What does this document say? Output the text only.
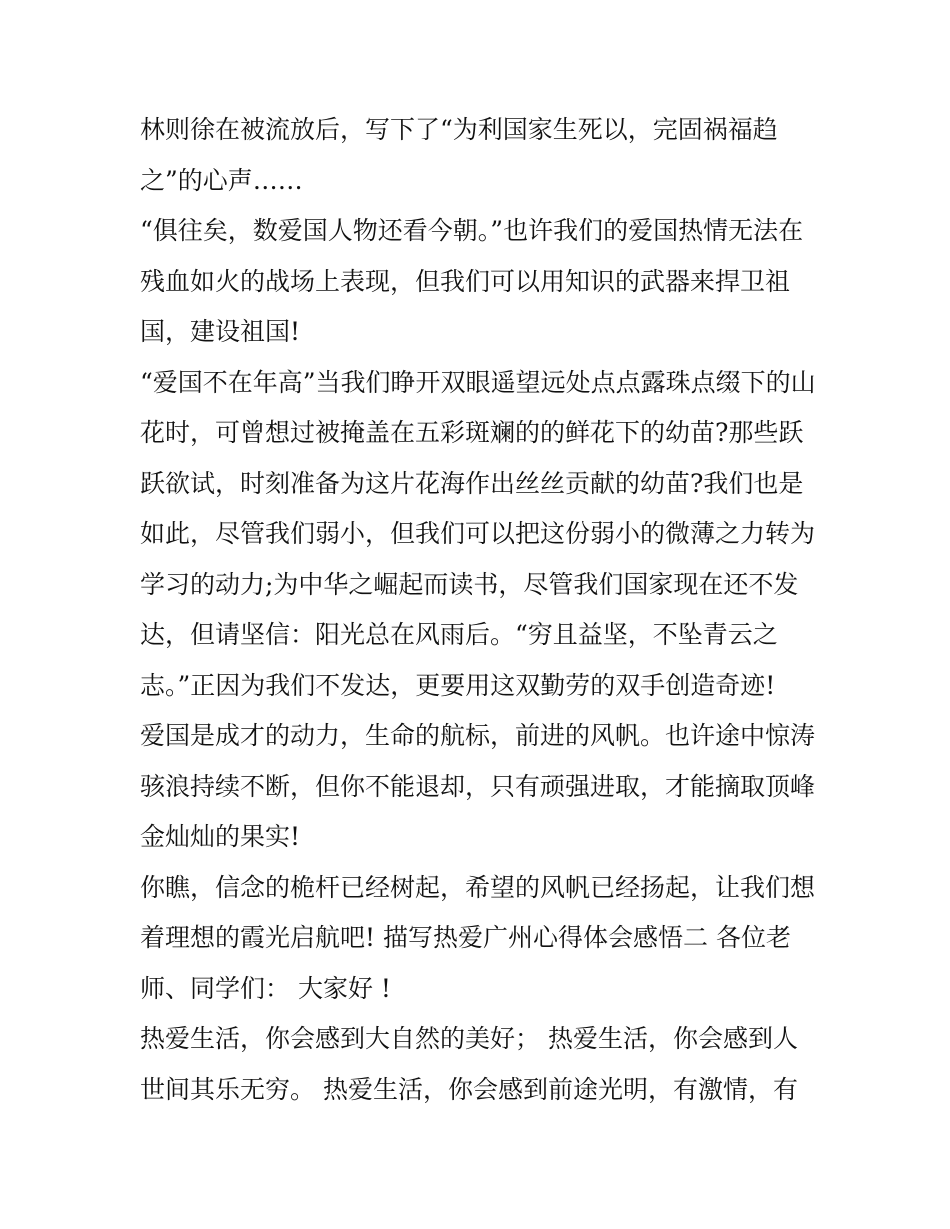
林则徐在被流放后，写下了“为利国家生死以，完固祸福趋
之”的心声……
“俱往矣，数爱国人物还看今朝。”也许我们的爱国热情无法在
残血如火的战场上表现，但我们可以用知识的武器来捍卫祖
国，建设祖国!
“爱国不在年高”当我们睁开双眼遥望远处点点露珠点缀下的山
花时，可曾想过被掩盖在五彩斑斓的的鲜花下的幼苗?那些跃
跃欲试，时刻准备为这片花海作出丝丝贡献的幼苗?我们也是
如此，尽管我们弱小，但我们可以把这份弱小的微薄之力转为
学习的动力;为中华之崛起而读书，尽管我们国家现在还不发
达，但请坚信：阳光总在风雨后。“穷且益坚，不坠青云之
志。”正因为我们不发达，更要用这双勤劳的双手创造奇迹!
爱国是成才的动力，生命的航标，前进的风帆。也许途中惊涛
骇浪持续不断，但你不能退却，只有顽强进取，才能摘取顶峰
金灿灿的果实!
你瞧，信念的桅杆已经树起，希望的风帆已经扬起，让我们想
着理想的霞光启航吧! 描写热爱广州心得体会感悟二 各位老
师、同学们： 大家好 !
热爱生活，你会感到大自然的美好； 热爱生活，你会感到人
世间其乐无穷。 热爱生活，你会感到前途光明，有激情，有
